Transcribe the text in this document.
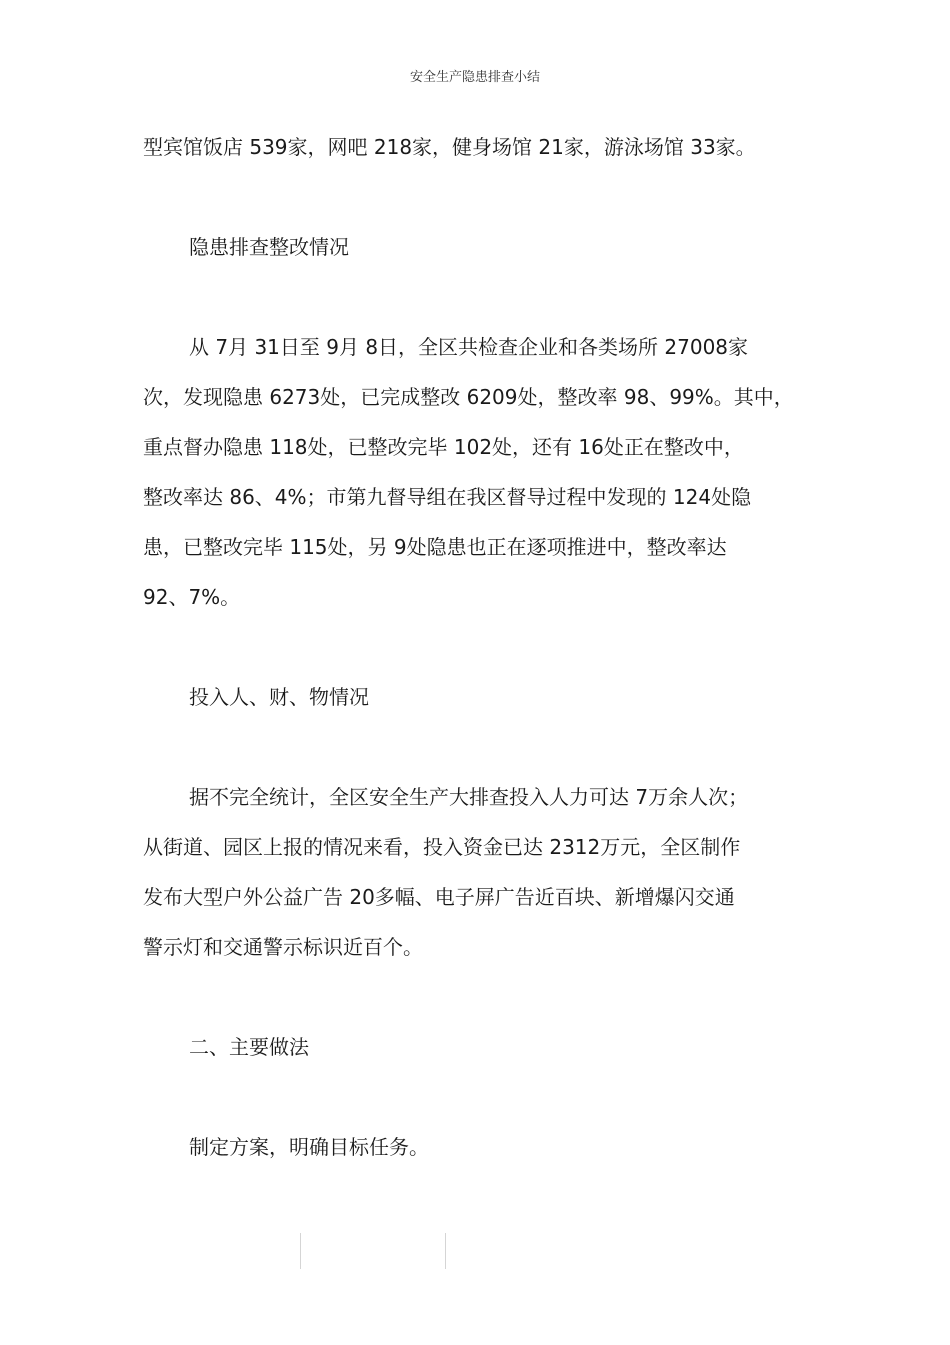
安全生产隐患排查小结

型宾馆饭店 539家，网吧 218家，健身场馆 21家，游泳场馆 33家。

隐患排查整改情况

从 7月 31日至 9月 8日，全区共检查企业和各类场所 27008家
次，发现隐患 6273处，已完成整改 6209处，整改率 98、99%。其中，
重点督办隐患 118处，已整改完毕 102处，还有 16处正在整改中，
整改率达 86、4%；市第九督导组在我区督导过程中发现的 124处隐
患，已整改完毕 115处，另 9处隐患也正在逐项推进中，整改率达
92、7%。

投入人、财、物情况

据不完全统计，全区安全生产大排查投入人力可达 7万余人次；
从街道、园区上报的情况来看，投入资金已达 2312万元，全区制作
发布大型户外公益广告 20多幅、电子屏广告近百块、新增爆闪交通
警示灯和交通警示标识近百个。

二、主要做法

制定方案，明确目标任务。
